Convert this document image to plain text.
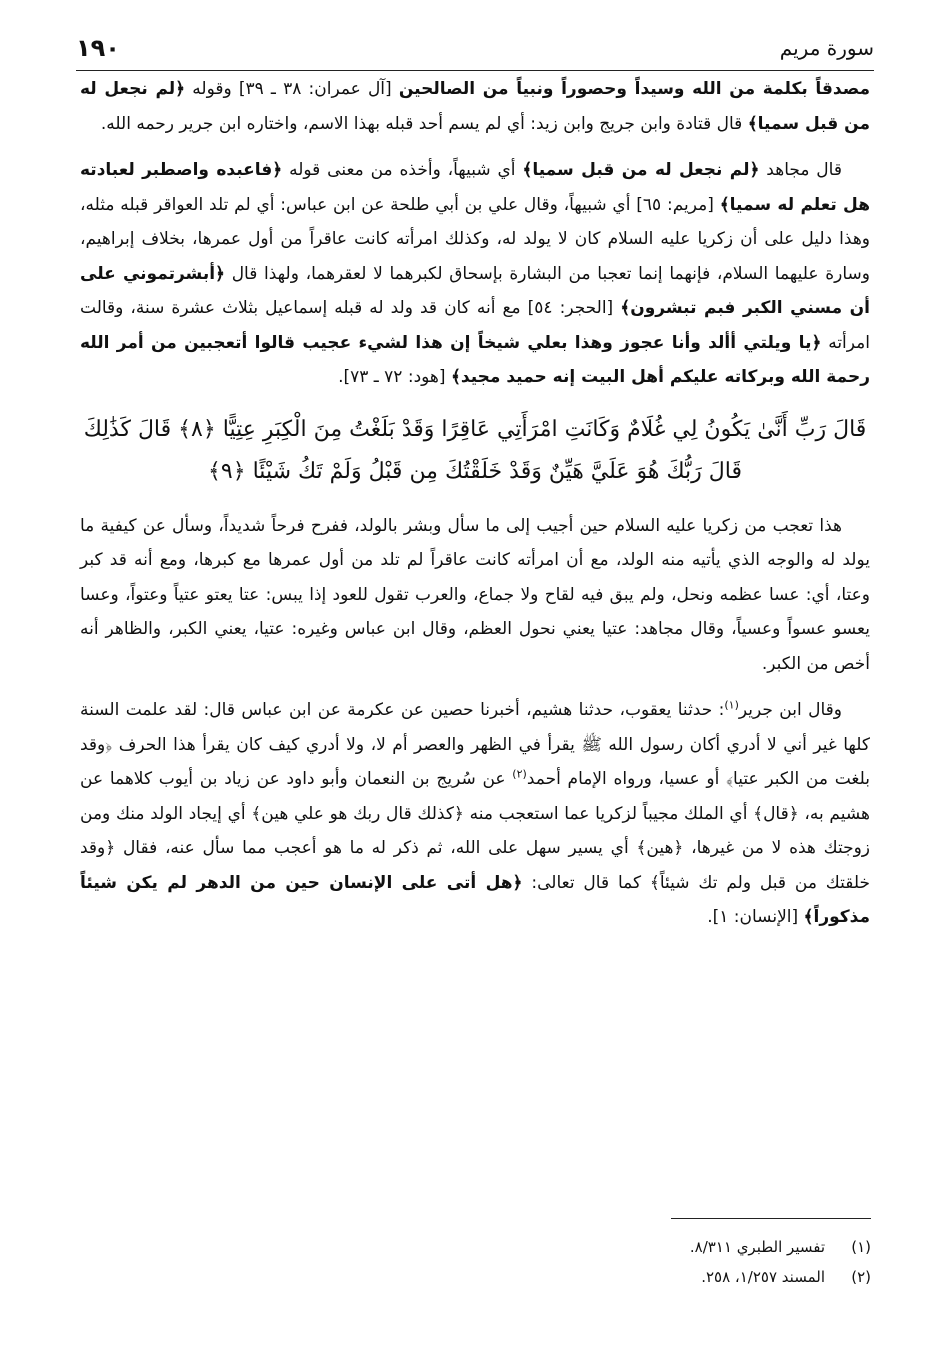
١٩٠	سورة مريم

مصدقاً بكلمة من الله وسيداً وحصوراً ونبياً من الصالحين [آل عمران: ٣٨ ـ ٣٩] وقوله ﴿لم نجعل له من قبل سميا﴾ قال قتادة وابن جريج وابن زيد: أي لم يسم أحد قبله بهذا الاسم، واختاره ابن جرير رحمه الله.

قال مجاهد ﴿لم نجعل له من قبل سميا﴾ أي شبيهاً، وأخذه من معنى قوله ﴿فاعبده واصطبر لعبادته هل تعلم له سميا﴾ [مريم: ٦٥] أي شبيهاً، وقال علي بن أبي طلحة عن ابن عباس: أي لم تلد العواقر قبله مثله، وهذا دليل على أن زكريا عليه السلام كان لا يولد له، وكذلك امرأته كانت عاقراً من أول عمرها، بخلاف إبراهيم، وسارة عليهما السلام، فإنهما إنما تعجبا من البشارة بإسحاق لكبرهما لا لعقرهما، ولهذا قال ﴿أبشرتموني على أن مسني الكبر فبم تبشرون﴾ [الحجر: ٥٤] مع أنه كان قد ولد له قبله إسماعيل بثلاث عشرة سنة، وقالت امرأته ﴿يا ويلتي أألد وأنا عجوز وهذا بعلي شيخاً إن هذا لشيء عجيب قالوا أتعجبين من أمر الله رحمة الله وبركاته عليكم أهل البيت إنه حميد مجيد﴾ [هود: ٧٢ ـ ٧٣].

قَالَ رَبِّ أَنَّىٰ يَكُونُ لِي غُلَامٌ وَكَانَتِ امْرَأَتِي عَاقِرًا وَقَدْ بَلَغْتُ مِنَ الْكِبَرِ عِتِيًّا ﴿٨﴾ قَالَ كَذَٰلِكَ قَالَ رَبُّكَ هُوَ عَلَيَّ هَيِّنٌ وَقَدْ خَلَقْتُكَ مِن قَبْلُ وَلَمْ تَكُ شَيْئًا ﴿٩﴾

هذا تعجب من زكريا عليه السلام حين أجيب إلى ما سأل وبشر بالولد، ففرح فرحاً شديداً، وسأل عن كيفية ما يولد له والوجه الذي يأتيه منه الولد، مع أن امرأته كانت عاقراً لم تلد من أول عمرها مع كبرها، ومع أنه قد كبر وعتا، أي: عسا عظمه ونحل، ولم يبق فيه لقاح ولا جماع، والعرب تقول للعود إذا يبس: عتا يعتو عتياً وعتواً، وعسا يعسو عسواً وعسياً، وقال مجاهد: عتيا يعني نحول العظم، وقال ابن عباس وغيره: عتيا، يعني الكبر، والظاهر أنه أخص من الكبر.

وقال ابن جرير$^{(١)}$: حدثنا يعقوب، حدثنا هشيم، أخبرنا حصين عن عكرمة عن ابن عباس قال: لقد علمت السنة كلها غير أني لا أدري أكان رسول الله ﷺ يقرأ في الظهر والعصر أم لا، ولا أدري كيف كان يقرأ هذا الحرف ﴿وقد بلغت من الكبر عتيا﴾ أو عسيا، ورواه الإمام أحمد$^{(٢)}$ عن سُريج بن النعمان وأبو داود عن زياد بن أيوب كلاهما عن هشيم به، ﴿قال﴾ أي الملك مجيباً لزكريا عما استعجب منه ﴿كذلك قال ربك هو علي هين﴾ أي إيجاد الولد منك ومن زوجتك هذه لا من غيرها، ﴿هين﴾ أي يسير سهل على الله، ثم ذكر له ما هو أعجب مما سأل عنه، فقال ﴿وقد خلقتك من قبل ولم تك شيئاً﴾ كما قال تعالى: ﴿هل أتى على الإنسان حين من الدهر لم يكن شيئاً مذكوراً﴾ [الإنسان: ١].

(١)
تفسير الطبري ٨/٣١١.
(٢)
المسند ١/٢٥٧، ٢٥٨.
